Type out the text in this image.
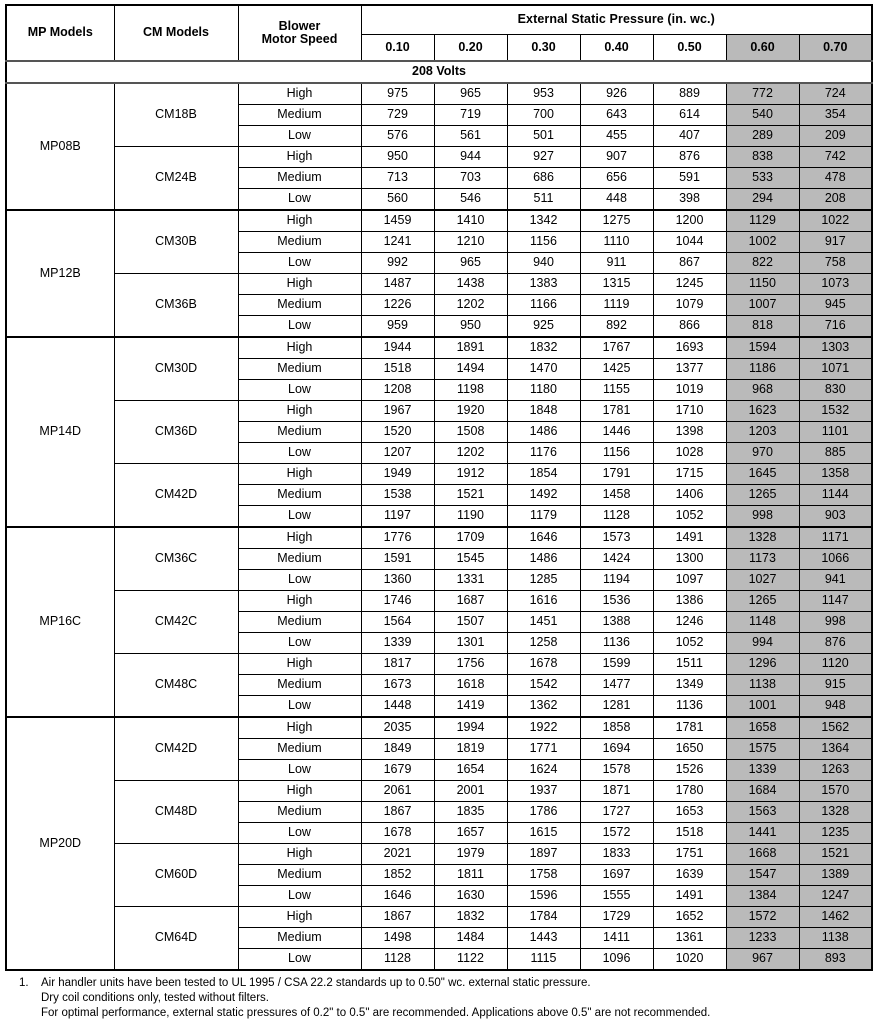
MP Models	CM Models	Blower
Motor Speed	External Static Pressure (in. wc.)						
			0.10	0.20	0.30	0.40	0.50	0.60	0.70
208 Volts									
MP08B	CM18B	High	975	965	953	926	889	772	724
		Medium	729	719	700	643	614	540	354
		Low	576	561	501	455	407	289	209
	CM24B	High	950	944	927	907	876	838	742
		Medium	713	703	686	656	591	533	478
		Low	560	546	511	448	398	294	208
MP12B	CM30B	High	1459	1410	1342	1275	1200	1129	1022
		Medium	1241	1210	1156	1110	1044	1002	917
		Low	992	965	940	911	867	822	758
	CM36B	High	1487	1438	1383	1315	1245	1150	1073
		Medium	1226	1202	1166	1119	1079	1007	945
		Low	959	950	925	892	866	818	716
MP14D	CM30D	High	1944	1891	1832	1767	1693	1594	1303
		Medium	1518	1494	1470	1425	1377	1186	1071
		Low	1208	1198	1180	1155	1019	968	830
	CM36D	High	1967	1920	1848	1781	1710	1623	1532
		Medium	1520	1508	1486	1446	1398	1203	1101
		Low	1207	1202	1176	1156	1028	970	885
	CM42D	High	1949	1912	1854	1791	1715	1645	1358
		Medium	1538	1521	1492	1458	1406	1265	1144
		Low	1197	1190	1179	1128	1052	998	903
MP16C	CM36C	High	1776	1709	1646	1573	1491	1328	1171
		Medium	1591	1545	1486	1424	1300	1173	1066
		Low	1360	1331	1285	1194	1097	1027	941
	CM42C	High	1746	1687	1616	1536	1386	1265	1147
		Medium	1564	1507	1451	1388	1246	1148	998
		Low	1339	1301	1258	1136	1052	994	876
	CM48C	High	1817	1756	1678	1599	1511	1296	1120
		Medium	1673	1618	1542	1477	1349	1138	915
		Low	1448	1419	1362	1281	1136	1001	948
MP20D	CM42D	High	2035	1994	1922	1858	1781	1658	1562
		Medium	1849	1819	1771	1694	1650	1575	1364
		Low	1679	1654	1624	1578	1526	1339	1263
	CM48D	High	2061	2001	1937	1871	1780	1684	1570
		Medium	1867	1835	1786	1727	1653	1563	1328
		Low	1678	1657	1615	1572	1518	1441	1235
	CM60D	High	2021	1979	1897	1833	1751	1668	1521
		Medium	1852	1811	1758	1697	1639	1547	1389
		Low	1646	1630	1596	1555	1491	1384	1247
	CM64D	High	1867	1832	1784	1729	1652	1572	1462
		Medium	1498	1484	1443	1411	1361	1233	1138
		Low	1128	1122	1115	1096	1020	967	893
1.	Air handler units have been tested to UL 1995 / CSA 22.2 standards up to 0.50" wc. external static pressure.
Dry coil conditions only, tested without filters.
For optimal performance, external static pressures of 0.2" to 0.5" are recommended. Applications above 0.5" are not recommended.
